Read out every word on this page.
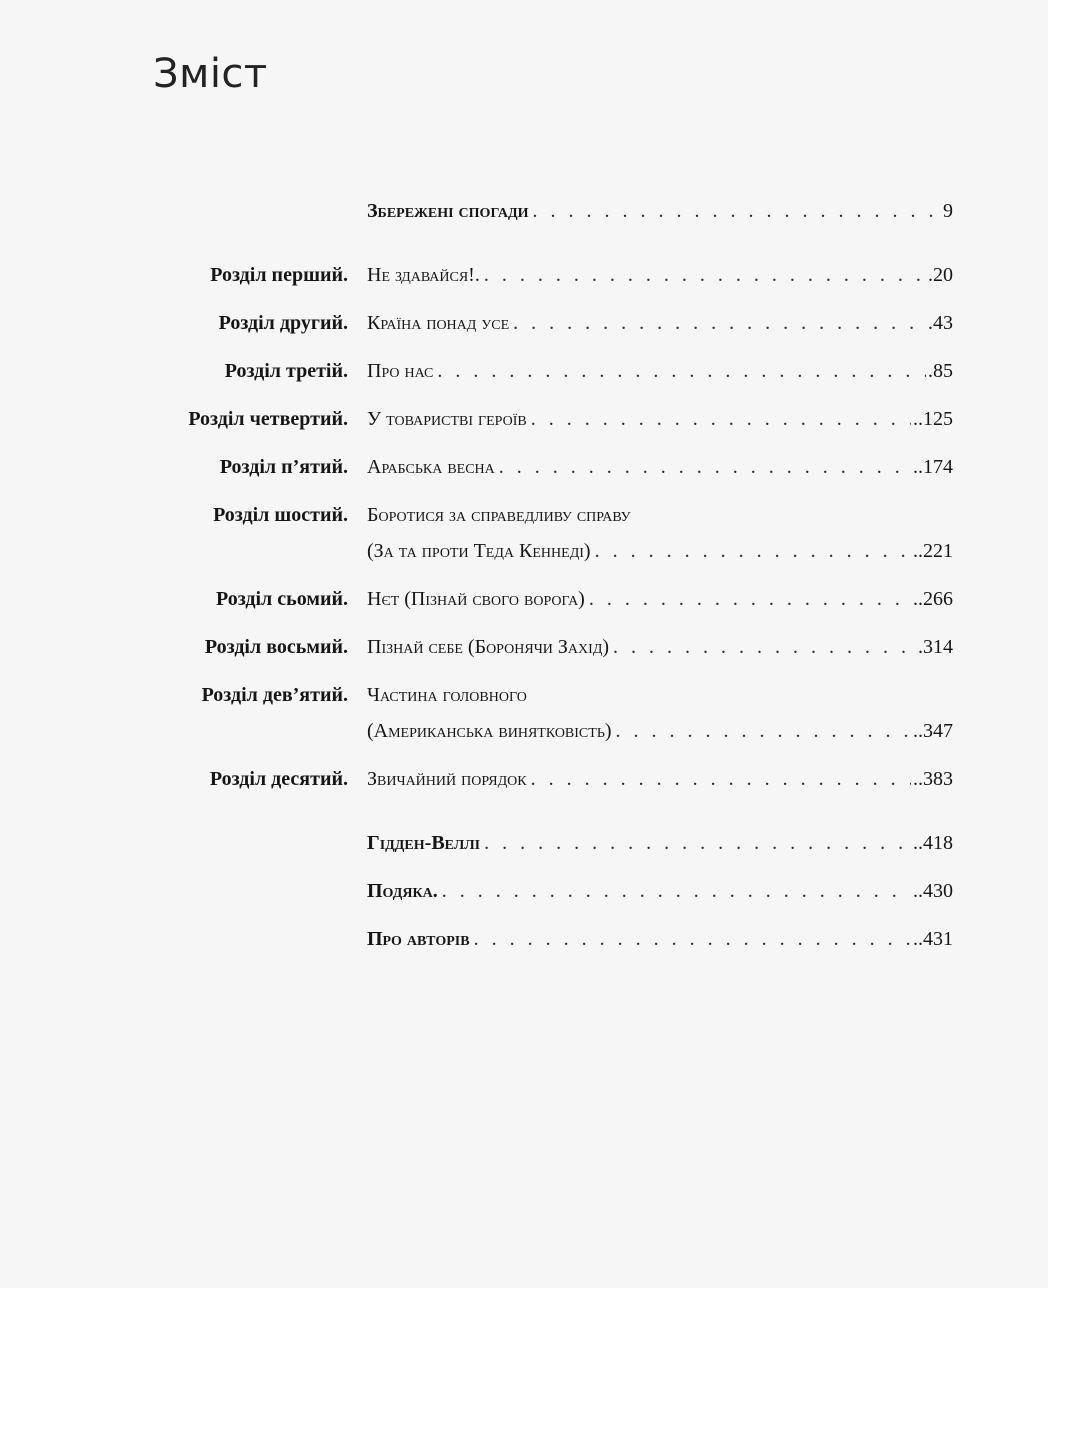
Зміст
Збережені спогади . . .	9
Розділ перший. Не здавайся!. . . .	.20
Розділ другий. Країна понад усе . . .	.43
Розділ третій. Про нас . . .	.85
Розділ четвертий. У товаристві героїв . . .	..125
Розділ п’ятий. Арабська весна . . .	..174
Розділ шостий. Боротися за справедливу справу
(За та проти Теда Кеннеді) . . .	..221
Розділ сьомий. Нєт (Пізнай свого ворога) . . .	..266
Розділ восьмий. Пізнай себе (Боронячи Захід) . . .	.314
Розділ дев’ятий. Частина головного
(Американська винятковість) . . .	..347
Розділ десятий. Звичайний порядок . . .	..383
Гідден-Веллі . . .	..418
Подяка. . . .	..430
Про авторів . . .	..431
